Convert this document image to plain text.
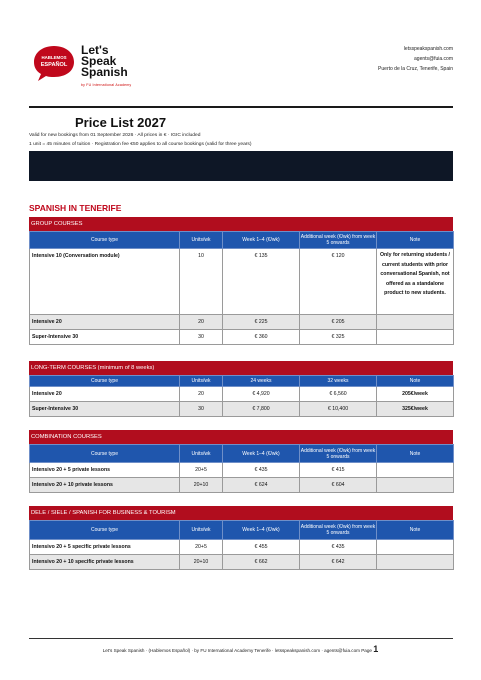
HABLEMOS
ESPAÑOL
Let's
Speak
Spanish
by FU International Academy
letsspeakspanish.com
agents@fuia.com
Puerto de la Cruz, Tenerife, Spain
Price List 2027
Valid for new bookings from 01 September 2026 · All prices in € · IGIC included
1 unit = 45 minutes of tuition · Registration fee €50 applies to all course bookings (valid for three years)
SPANISH IN TENERIFE
GROUP COURSES
Course type	Units/wk	Week 1–4 (€/wk)	Additional week (€/wk) from week 5 onwards	Note
Intensive 10 (Conversation module)	10	€ 135	€ 120	Only for returning students / current students with prior conversational Spanish, not offered as a standalone product to new students.
Intensive 20	20	€ 225	€ 205	
Super-Intensive 30	30	€ 360	€ 325	
LONG-TERM COURSES (minimum of 8 weeks)
Course type	Units/wk	24 weeks	32 weeks	Note
Intensive 20	20	€ 4,920	€ 6,560	205€/week
Super-Intensive 30	30	€ 7,800	€ 10,400	325€/week
COMBINATION COURSES
Course type	Units/wk	Week 1–4 (€/wk)	Additional week (€/wk) from week 5 onwards	Note
Intensivo 20 + 5 private lessons	20+5	€ 435	€ 415	
Intensivo 20 + 10 private lessons	20+10	€ 624	€ 604	
DELE / SIELE / SPANISH FOR BUSINESS & TOURISM
Course type	Units/wk	Week 1–4 (€/wk)	Additional week (€/wk) from week 5 onwards	Note
Intensivo 20 + 5 specific private lessons	20+5	€ 455	€ 435	
Intensivo 20 + 10 specific private lessons	20+10	€ 662	€ 642	
Let's Speak Spanish · (Hablemos Español) · by FU International Academy Tenerife · letsspeakspanish.com · agents@fuia.com Page 1
